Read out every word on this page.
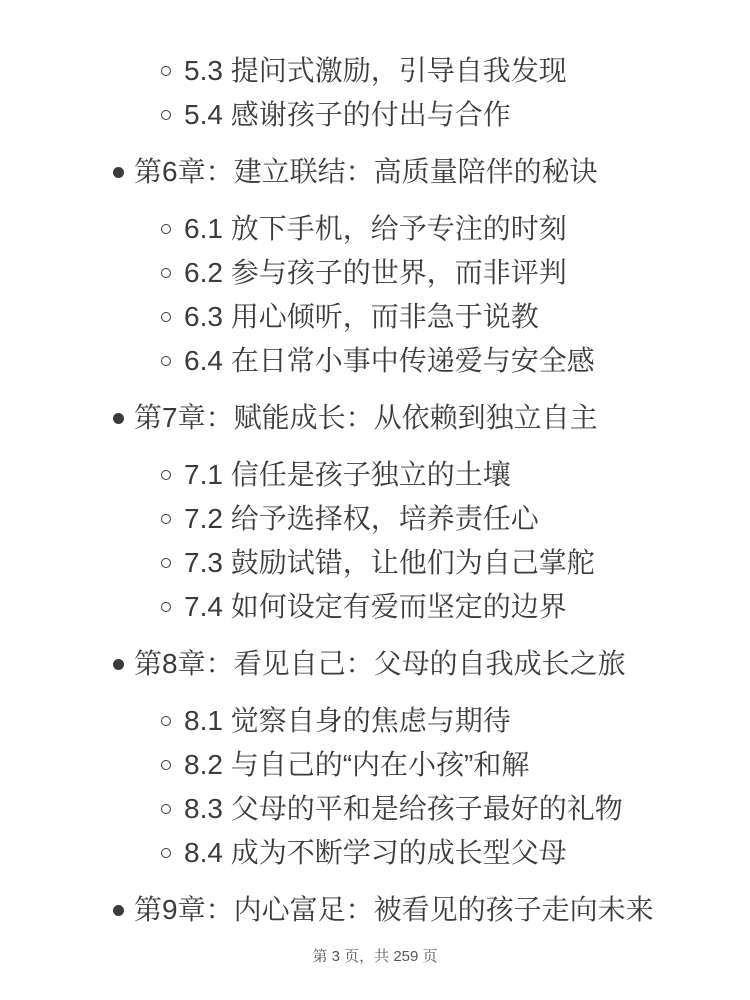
5.3 提问式激励，引导自我发现
5.4 感谢孩子的付出与合作
第6章：建立联结：高质量陪伴的秘诀
6.1 放下手机，给予专注的时刻
6.2 参与孩子的世界，而非评判
6.3 用心倾听，而非急于说教
6.4 在日常小事中传递爱与安全感
第7章：赋能成长：从依赖到独立自主
7.1 信任是孩子独立的土壤
7.2 给予选择权，培养责任心
7.3 鼓励试错，让他们为自己掌舵
7.4 如何设定有爱而坚定的边界
第8章：看见自己：父母的自我成长之旅
8.1 觉察自身的焦虑与期待
8.2 与自己的“内在小孩”和解
8.3 父母的平和是给孩子最好的礼物
8.4 成为不断学习的成长型父母
第9章：内心富足：被看见的孩子走向未来
第 3 页，共 259 页
